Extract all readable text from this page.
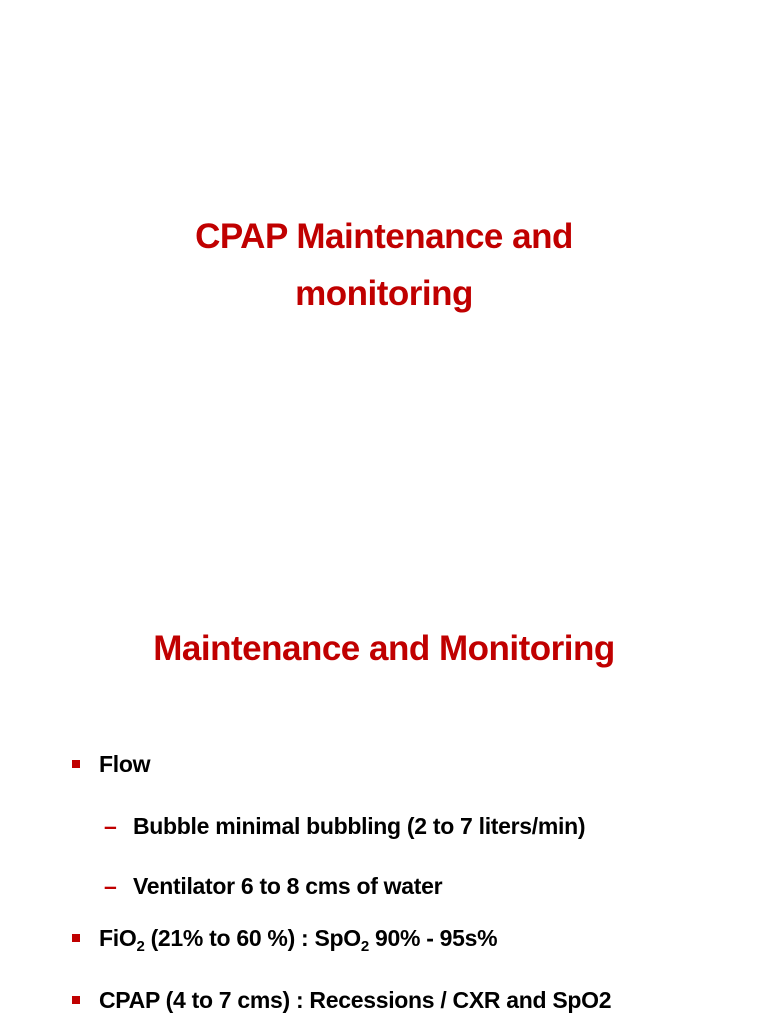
CPAP Maintenance and
monitoring
Maintenance and Monitoring
Flow
– Bubble minimal bubbling (2 to 7 liters/min)
– Ventilator 6 to 8 cms of water
FiO$_2$ (21% to 60 %) : SpO$_2$ 90% - 95s%
CPAP (4 to 7 cms) : Recessions / CXR and SpO2
